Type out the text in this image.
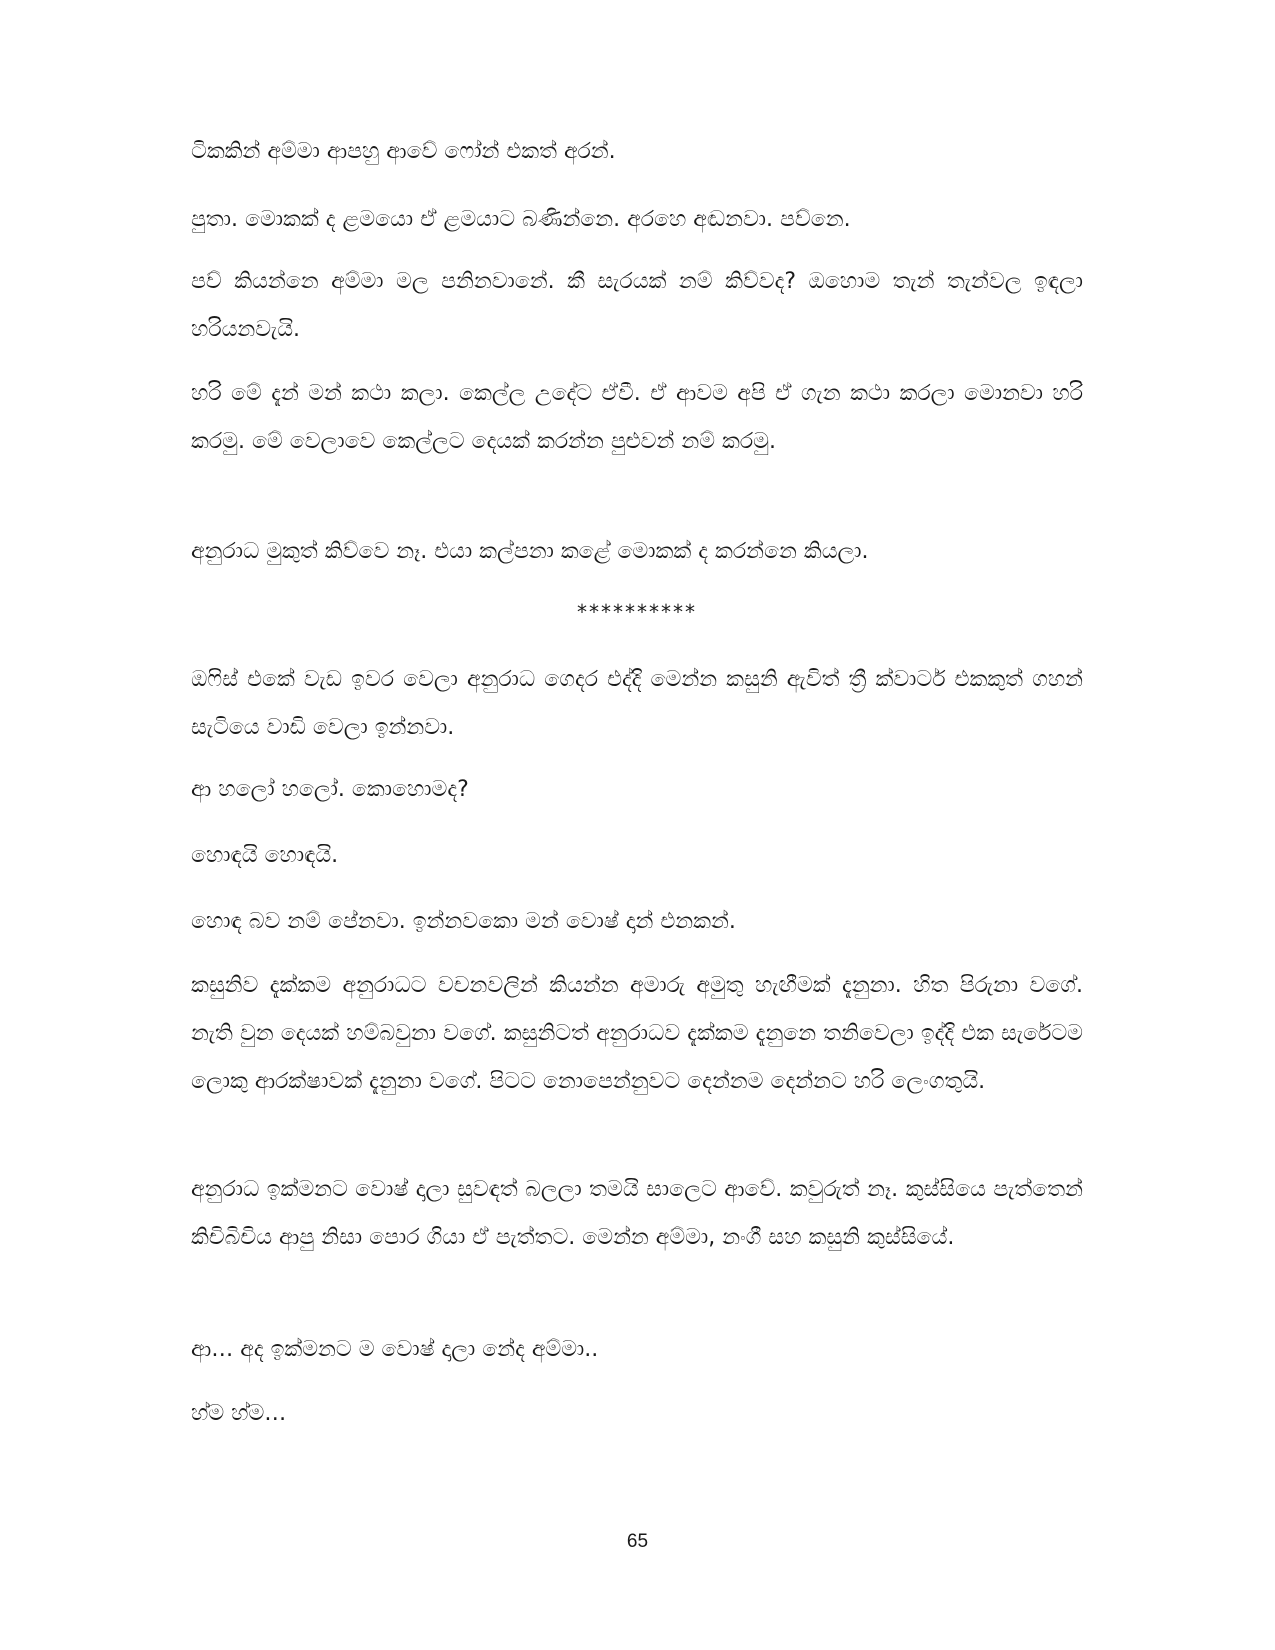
ටිකකින් අම්මා ආපහු ආවේ ෆෝන් එකත් අරන්.

පුතා. මොකක් ද ළමයො ඒ ළමයාට බණින්නෙ. අරහෙ අඬනවා. පව්නෙ.

පව් කියන්නෙ අම්මා මල පනිනවානේ. කී සැරයක් නම් කිව්වද? ඔහොම තැන් තැන්වල ඉඳලා හරියනවැයි.

හරි මේ දැන් මන් කථා කලා. කෙල්ල උදේට ඒවී. ඒ ආවම අපි ඒ ගැන කථා කරලා මොනවා හරි කරමු. මේ වෙලාවෙ කෙල්ලට දෙයක් කරන්න පුළුවන් නම් කරමු.

අනුරාධ මුකුත් කිව්වෙ නෑ. එයා කල්පනා කළේ මොකක් ද කරන්නෙ කියලා.

**********

ඔෆිස් එකේ වැඩ ඉවර වෙලා අනුරාධ ගෙදර එද්දි මෙන්න කසුනි ඇවිත් ත්‍රී ක්වාටර් එකකුත් ගහන් සැටියෙ වාඩි වෙලා ඉන්නවා.

ආ හලෝ හලෝ. කොහොමද?

හොඳයි හොඳයි.

හොඳ බව නම් පේනවා. ඉන්නවකො මන් වොෂ් දාන් එනකන්.

කසුනිව දැක්කම අනුරාධට වචනවලින් කියන්න අමාරු අමුතු හැඟීමක් දැනුනා. හිත පිරුනා වගේ. නැති වුන දෙයක් හම්බවුනා වගේ. කසුනිටත් අනුරාධව දැක්කම දැනුනෙ තනිවෙලා ඉද්දි එක සැරේටම ලොකු ආරක්ෂාවක් දැනුනා වගේ. පිටට නොපෙන්නුවට දෙන්නම දෙන්නට හරි ලෙංගතුයි.

අනුරාධ ඉක්මනට වොෂ් දාලා සුවඳත් බලලා තමයි සාලෙට ආවේ. කවුරුත් නෑ. කුස්සියෙ පැත්තෙන් කිචිබිචිය ආපු නිසා පොර ගියා ඒ පැත්තට. මෙන්න අම්මා, නංගී සහ කසුනි කුස්සියේ.

ආ… අද ඉක්මනට ම වොෂ් දාලා නේද අම්මා..

හ්ම හ්ම…

65
